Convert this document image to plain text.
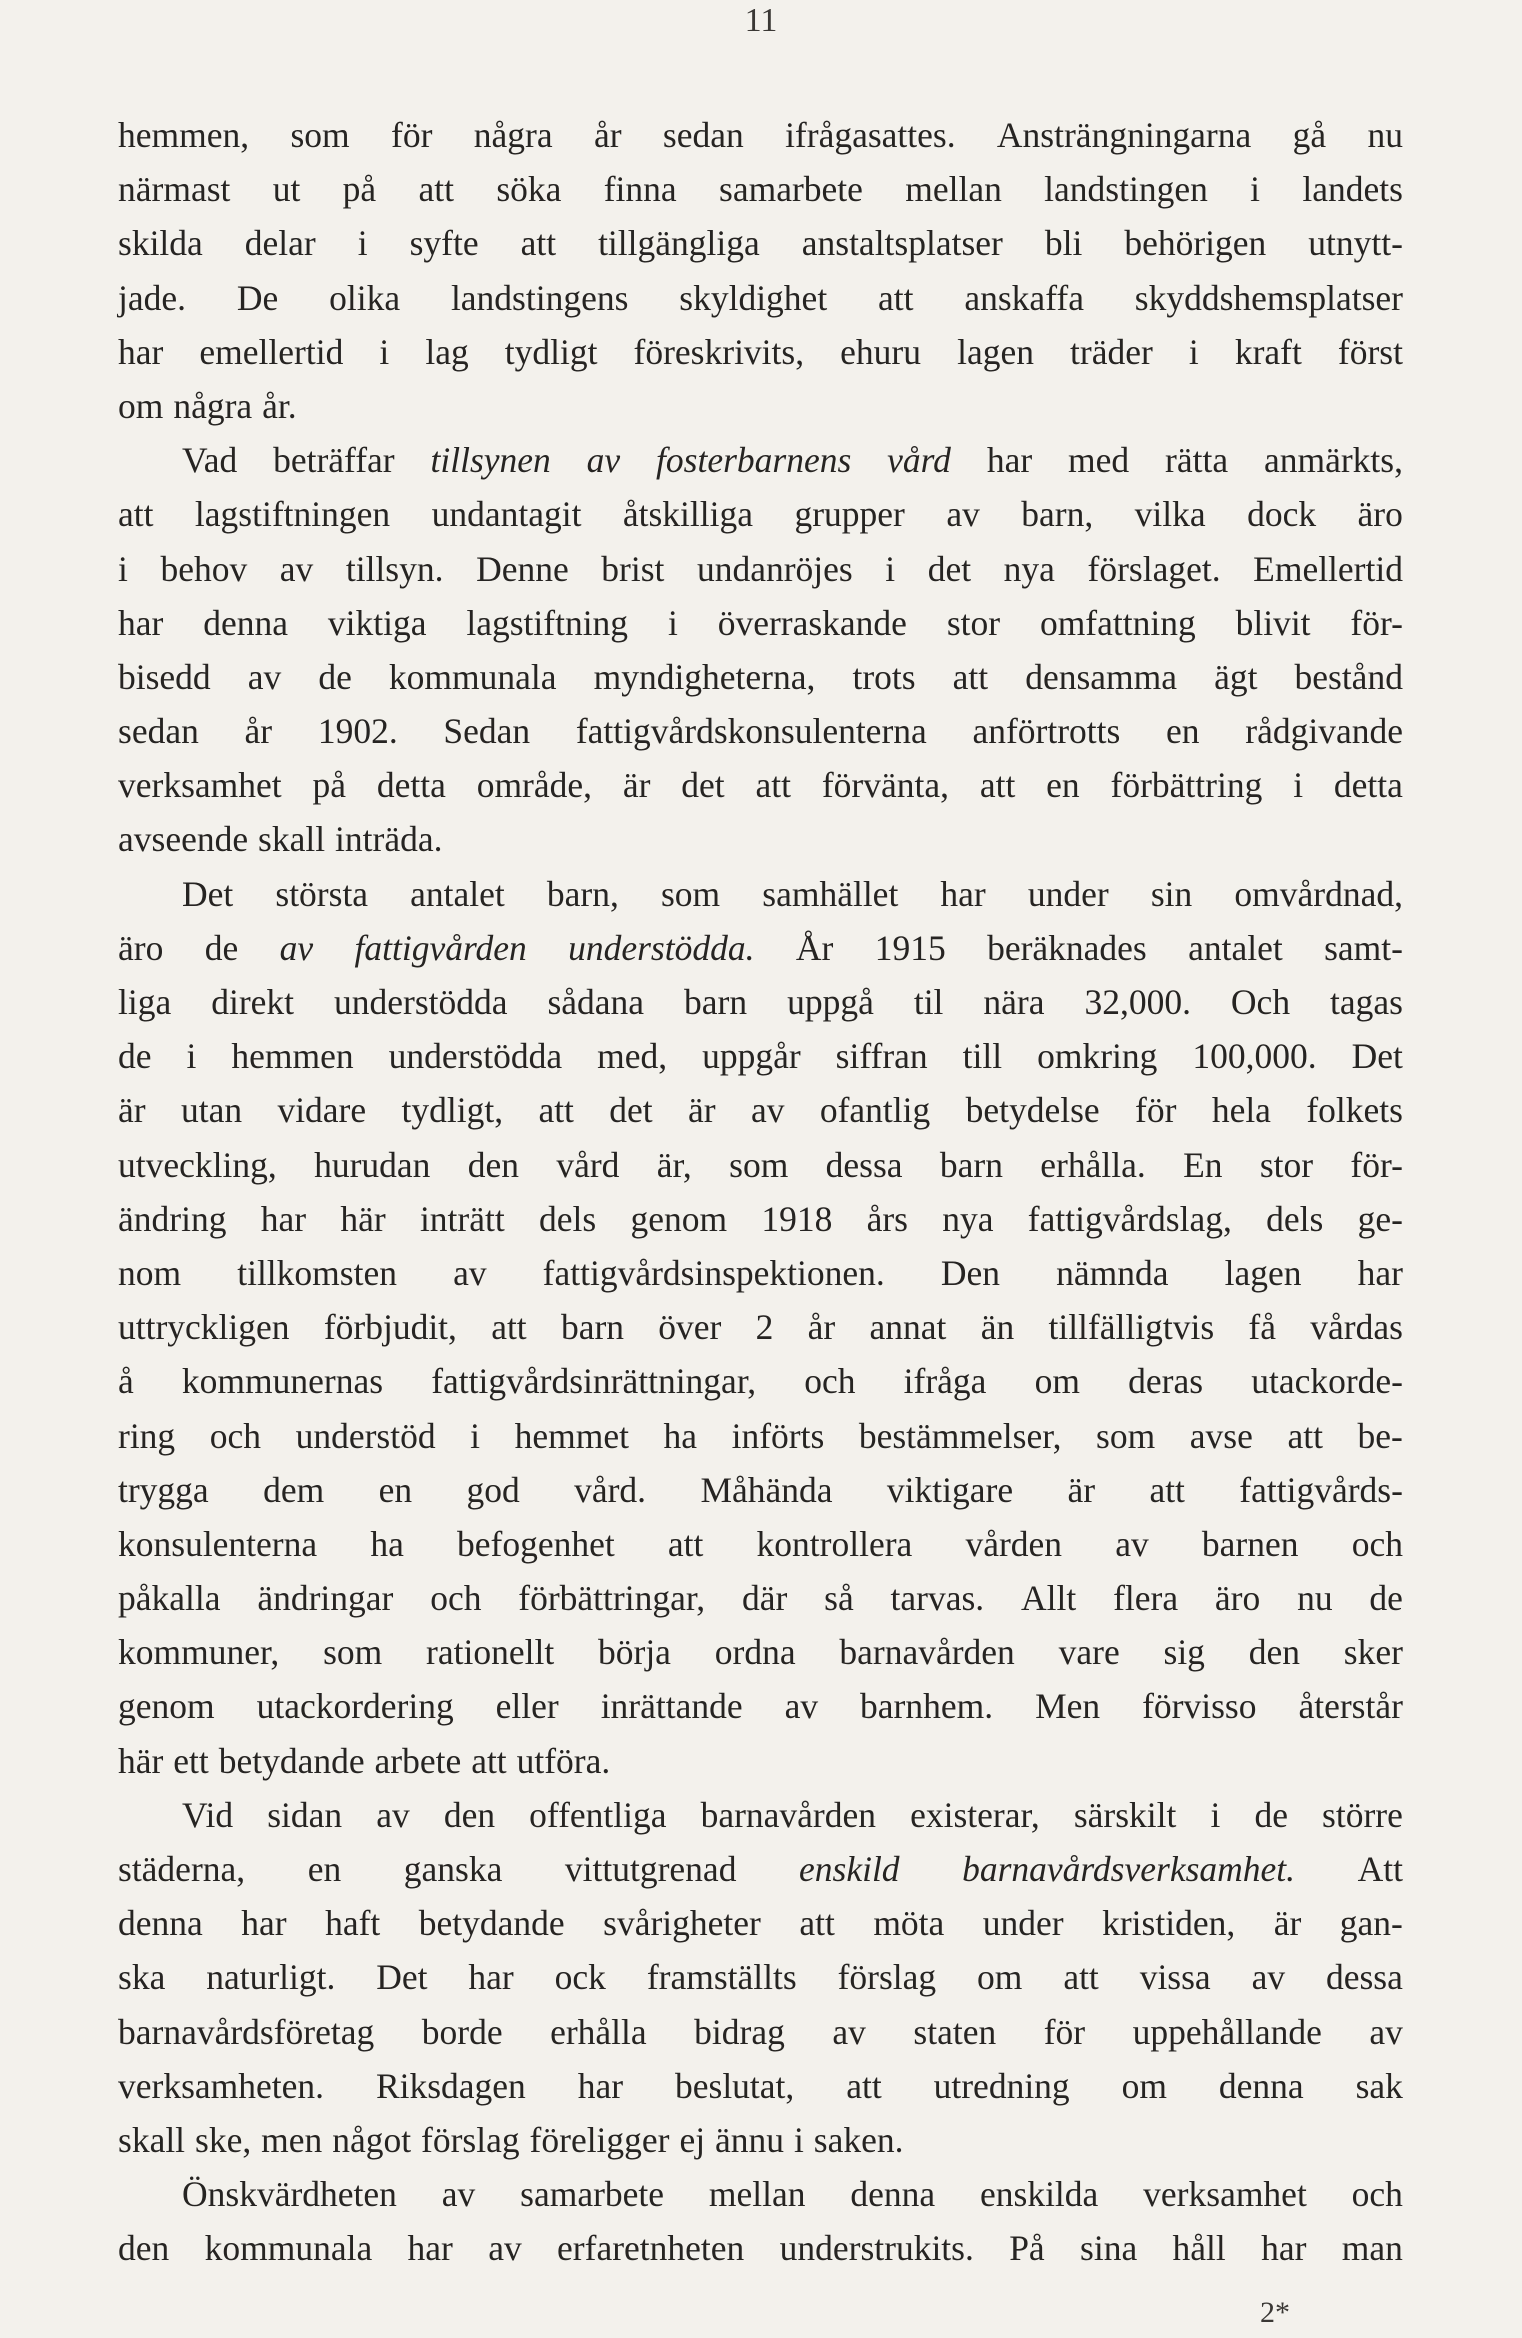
11
hemmen, som för några år sedan ifrågasattes. Ansträngningarna gå nu
närmast ut på att söka finna samarbete mellan landstingen i landets
skilda delar i syfte att tillgängliga anstaltsplatser bli behörigen utnytt-
jade. De olika landstingens skyldighet att anskaffa skyddshemsplatser
har emellertid i lag tydligt föreskrivits, ehuru lagen träder i kraft först
om några år.
Vad beträffar tillsynen av fosterbarnens vård har med rätta anmärkts,
att lagstiftningen undantagit åtskilliga grupper av barn, vilka dock äro
i behov av tillsyn. Denne brist undanröjes i det nya förslaget. Emellertid
har denna viktiga lagstiftning i överraskande stor omfattning blivit för-
bisedd av de kommunala myndigheterna, trots att densamma ägt bestånd
sedan år 1902. Sedan fattigvårdskonsulenterna anförtrotts en rådgivande
verksamhet på detta område, är det att förvänta, att en förbättring i detta
avseende skall inträda.
Det största antalet barn, som samhället har under sin omvårdnad,
äro de av fattigvården understödda. År 1915 beräknades antalet samt-
liga direkt understödda sådana barn uppgå til nära 32,000. Och tagas
de i hemmen understödda med, uppgår siffran till omkring 100,000. Det
är utan vidare tydligt, att det är av ofantlig betydelse för hela folkets
utveckling, hurudan den vård är, som dessa barn erhålla. En stor för-
ändring har här inträtt dels genom 1918 års nya fattigvårdslag, dels ge-
nom tillkomsten av fattigvårdsinspektionen. Den nämnda lagen har
uttryckligen förbjudit, att barn över 2 år annat än tillfälligtvis få vårdas
å kommunernas fattigvårdsinrättningar, och ifråga om deras utackorde-
ring och understöd i hemmet ha införts bestämmelser, som avse att be-
trygga dem en god vård. Måhända viktigare är att fattigvårds-
konsulenterna ha befogenhet att kontrollera vården av barnen och
påkalla ändringar och förbättringar, där så tarvas. Allt flera äro nu de
kommuner, som rationellt börja ordna barnavården vare sig den sker
genom utackordering eller inrättande av barnhem. Men förvisso återstår
här ett betydande arbete att utföra.
Vid sidan av den offentliga barnavården existerar, särskilt i de större
städerna, en ganska vittutgrenad enskild barnavårdsverksamhet. Att
denna har haft betydande svårigheter att möta under kristiden, är gan-
ska naturligt. Det har ock framställts förslag om att vissa av dessa
barnavårdsföretag borde erhålla bidrag av staten för uppehållande av
verksamheten. Riksdagen har beslutat, att utredning om denna sak
skall ske, men något förslag föreligger ej ännu i saken.
Önskvärdheten av samarbete mellan denna enskilda verksamhet och
den kommunala har av erfaretnheten understrukits. På sina håll har man
2*
